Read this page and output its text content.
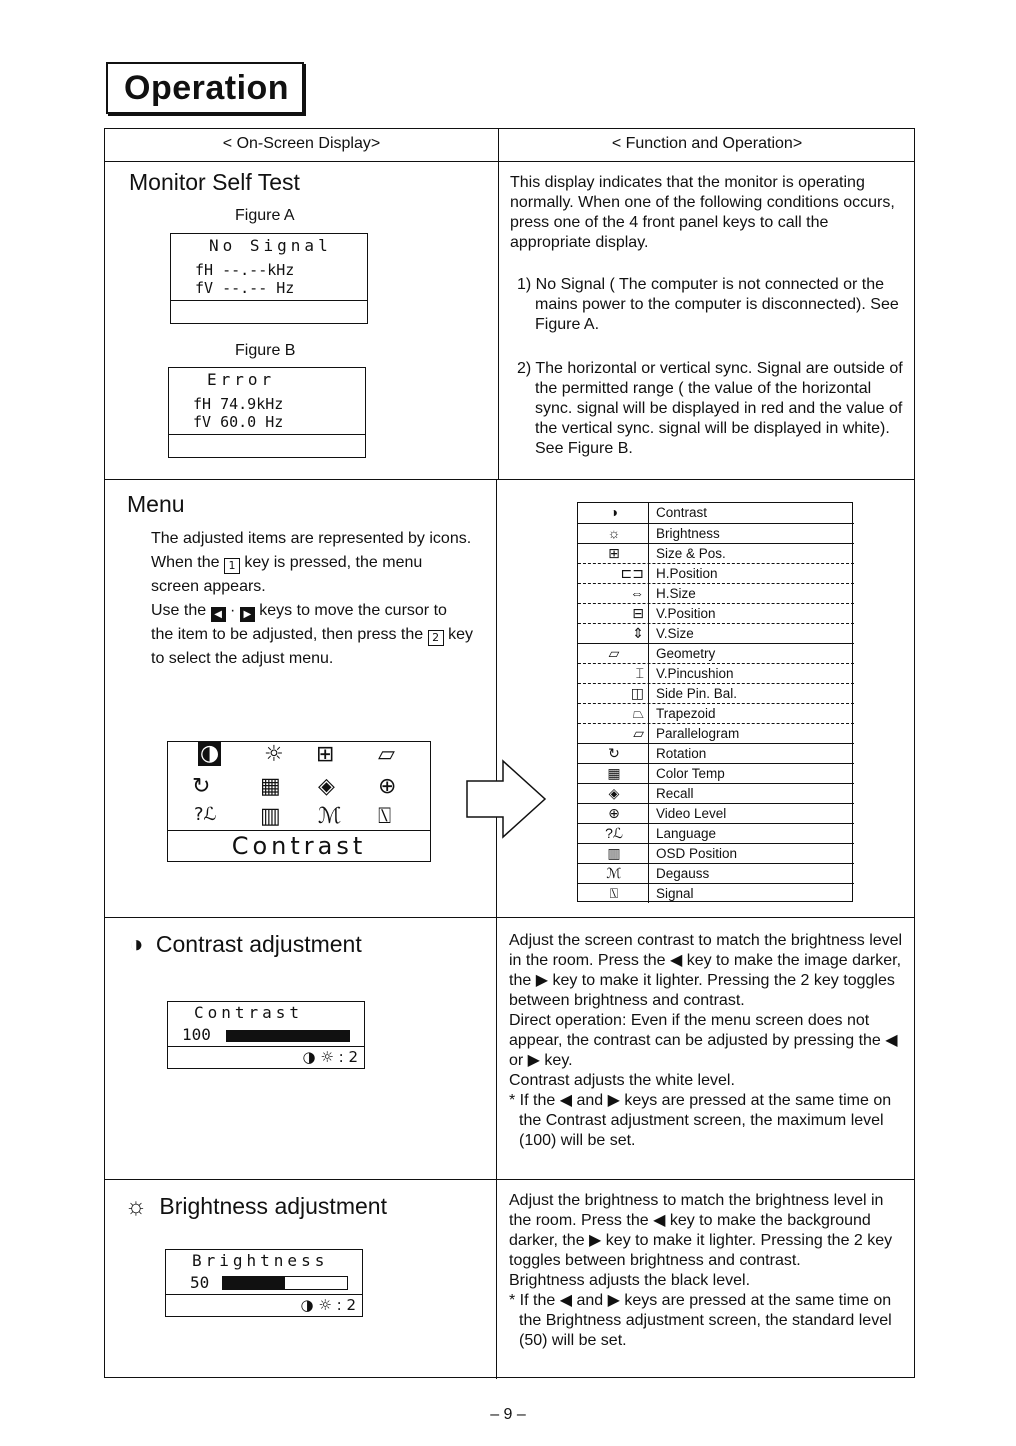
Operation
< On-Screen Display>	< Function and Operation>
Monitor Self Test
Figure A
No Signal
fH --.--kHz
fV --.-- Hz
Figure B
Error
fH 74.9kHz
fV 60.0 Hz
This display indicates that the monitor is operating normally. When one of the following conditions occurs, press one of the 4 front panel keys to call the appropriate display.
1) No Signal ( The computer is not connected or the mains power to the computer is disconnected). See Figure A.
2) The horizontal or vertical sync. Signal are outside of the permitted range ( the value of the horizontal sync. signal will be displayed in red and the value of the vertical sync. signal will be displayed in white). See Figure B.
Menu

The adjusted items are represented by icons.

When the 1 key is pressed, the menu screen appears.

Use the ◀ · ▶ keys to move the cursor to the item to be adjusted, then press the 2 key to select the adjust menu.

◑ ☼ ⊞ ▱
↻ ▦ ◈ ⊕
?ℒ ▥ ℳ ⍂
Contrast
◑	Contrast
☼	Brightness
⊞	Size & Pos.
⊏⊐ H.Position
⇔ H.Size
⊟ V.Position
⇕ V.Size
▱	Geometry
⌶ V.Pincushion
◫ Side Pin. Bal.
⏢ Trapezoid
▱ Parallelogram
↻	Rotation
▦	Color Temp
◈	Recall
⊕	Video Level
?ℒ	Language
▥	OSD Position
ℳ	Degauss
⍂	Signal
◑ Contrast adjustment
Contrast
100
◑ ☼ : 2

Adjust the screen contrast to match the brightness level in the room. Press the ◀ key to make the image darker, the ▶ key to make it lighter. Pressing the 2 key toggles between brightness and contrast.

Direct operation: Even if the menu screen does not appear, the contrast can be adjusted by pressing the ◀ or ▶ key.

Contrast adjusts the white level.

* If the ◀ and ▶ keys are pressed at the same time on the Contrast adjustment screen, the maximum level (100) will be set.

☼ Brightness adjustment
Brightness
50
◑ ☼ : 2

Adjust the brightness to match the brightness level in the room. Press the ◀ key to make the background darker, the ▶ key to make it lighter. Pressing the 2 key toggles between brightness and contrast.

Brightness adjusts the black level.

* If the ◀ and ▶ keys are pressed at the same time on the Brightness adjustment screen, the standard level (50) will be set.

– 9 –
